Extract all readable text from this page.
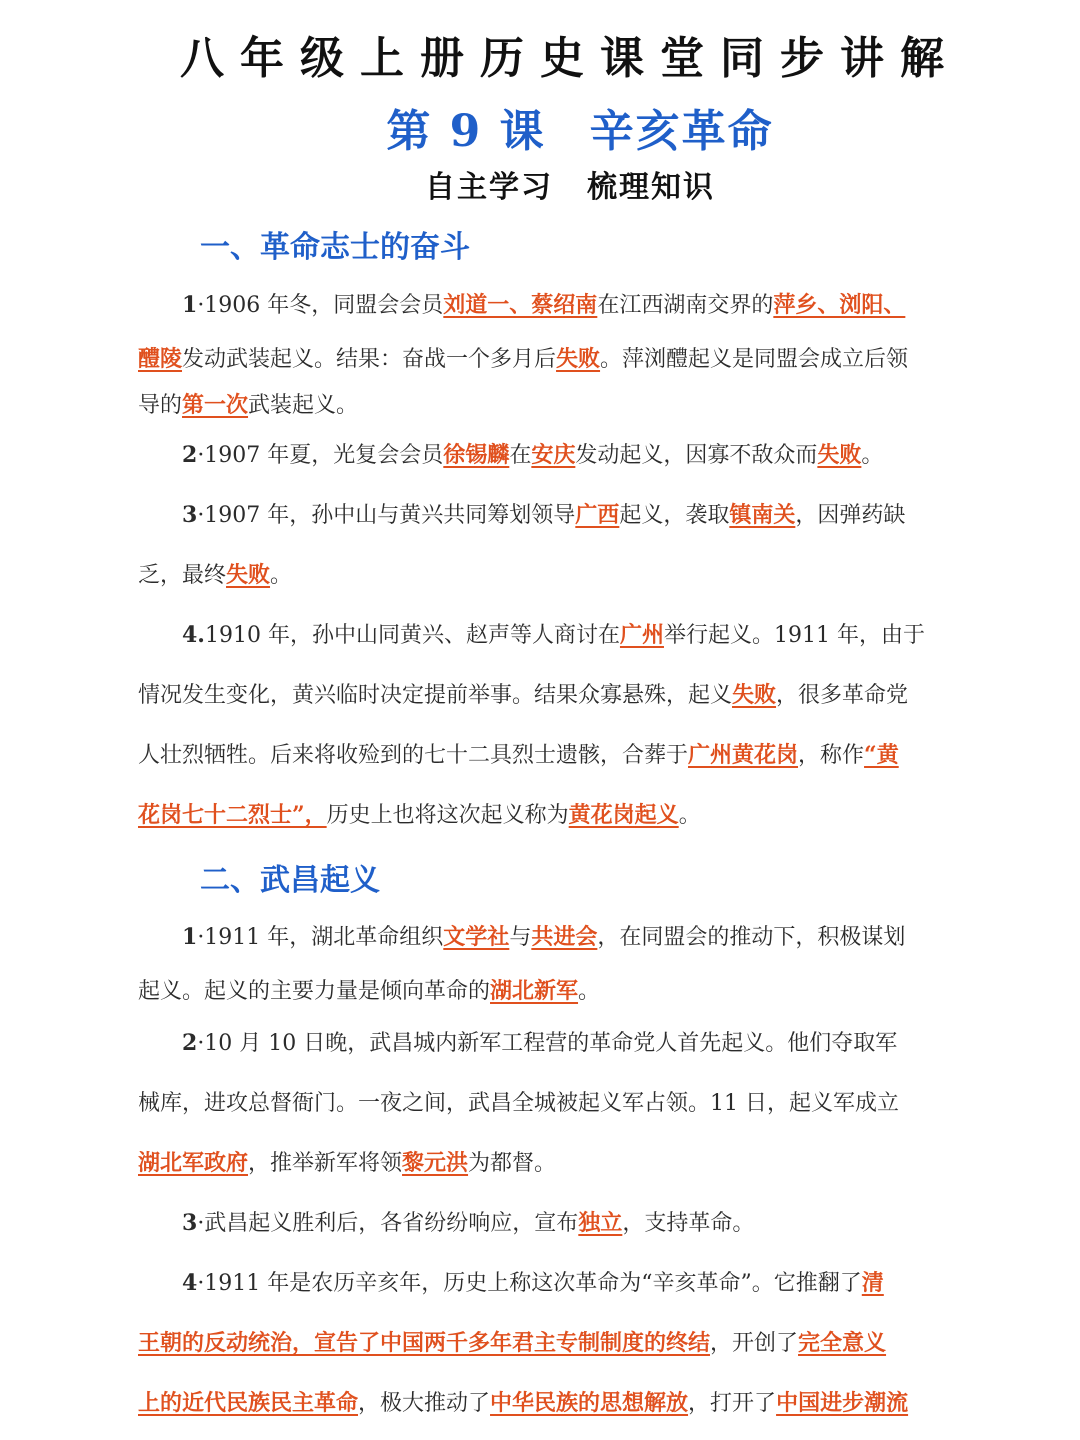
八年级上册历史课堂同步讲解
第 9 课 辛亥革命
自主学习 梳理知识
一、革命志士的奋斗
1·1906 年冬，同盟会会员刘道一、蔡绍南在江西湖南交界的萍乡、浏阳、
醴陵发动武装起义。结果：奋战一个多月后失败。萍浏醴起义是同盟会成立后领
导的第一次武装起义。
2·1907 年夏，光复会会员徐锡麟在安庆发动起义，因寡不敌众而失败。
3·1907 年，孙中山与黄兴共同筹划领导广西起义，袭取镇南关，因弹药缺
乏，最终失败。
4.1910 年，孙中山同黄兴、赵声等人商讨在广州举行起义。1911 年，由于
情况发生变化，黄兴临时决定提前举事。结果众寡悬殊，起义失败，很多革命党
人壮烈牺牲。后来将收殓到的七十二具烈士遗骸，合葬于广州黄花岗，称作“黄
花岗七十二烈士”，历史上也将这次起义称为黄花岗起义。
二、武昌起义
1·1911 年，湖北革命组织文学社与共进会，在同盟会的推动下，积极谋划
起义。起义的主要力量是倾向革命的湖北新军。
2·10 月 10 日晚，武昌城内新军工程营的革命党人首先起义。他们夺取军
械库，进攻总督衙门。一夜之间，武昌全城被起义军占领。11 日，起义军成立
湖北军政府，推举新军将领黎元洪为都督。
3·武昌起义胜利后，各省纷纷响应，宣布独立，支持革命。
4·1911 年是农历辛亥年，历史上称这次革命为“辛亥革命”。它推翻了清
王朝的反动统治，宣告了中国两千多年君主专制制度的终结，开创了完全意义
上的近代民族民主革命，极大推动了中华民族的思想解放，打开了中国进步潮流
